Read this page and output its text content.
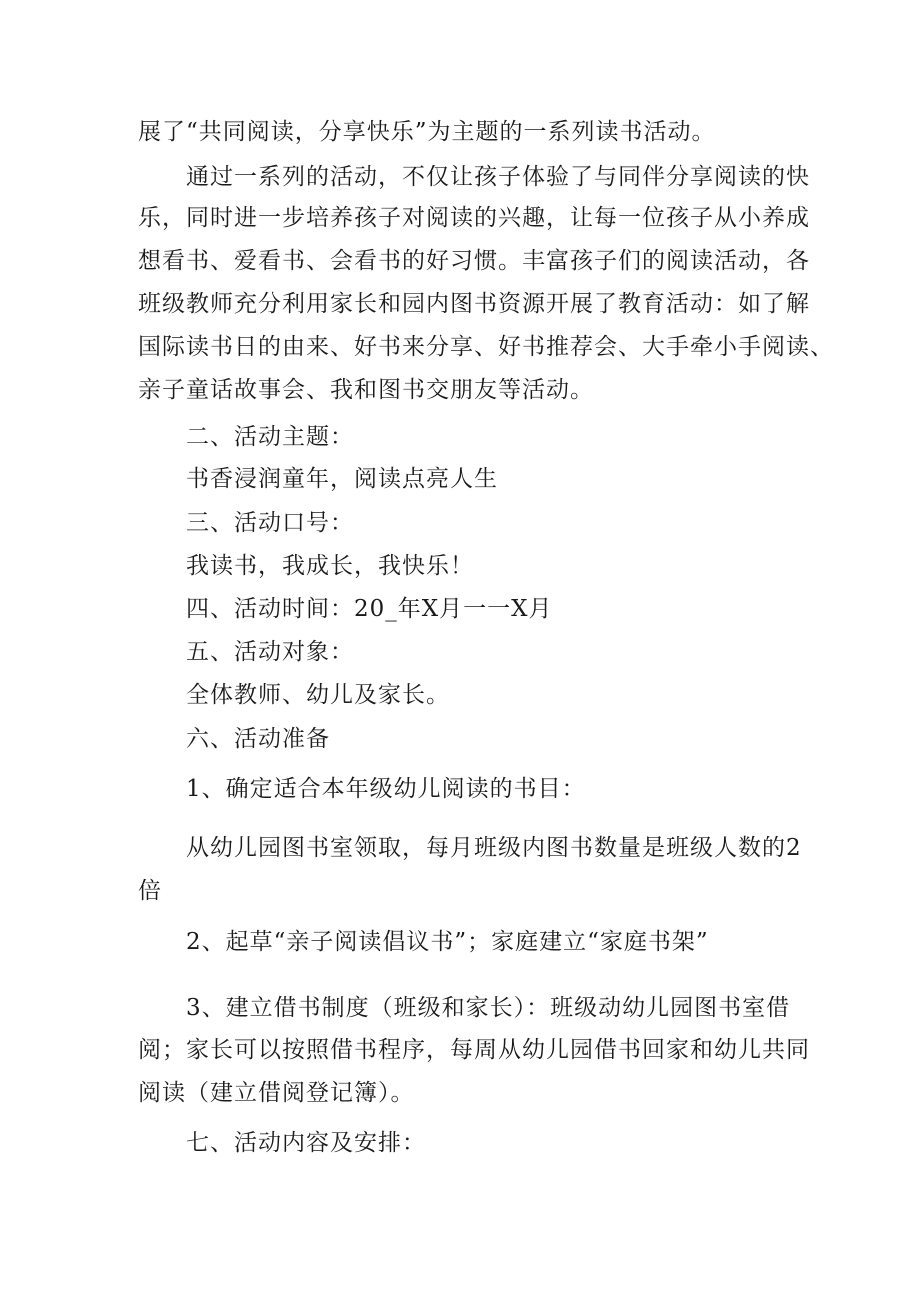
展了“共同阅读，分享快乐”为主题的一系列读书活动。
通过一系列的活动，不仅让孩子体验了与同伴分享阅读的快
乐，同时进一步培养孩子对阅读的兴趣，让每一位孩子从小养成
想看书、爱看书、会看书的好习惯。丰富孩子们的阅读活动，各
班级教师充分利用家长和园内图书资源开展了教育活动：如了解
国际读书日的由来、好书来分享、好书推荐会、大手牵小手阅读、
亲子童话故事会、我和图书交朋友等活动。
二、活动主题：
书香浸润童年，阅读点亮人生
三、活动口号：
我读书，我成长，我快乐！
四、活动时间：20_年X月一一X月
五、活动对象：
全体教师、幼儿及家长。
六、活动准备
1、确定适合本年级幼儿阅读的书目：
从幼儿园图书室领取，每月班级内图书数量是班级人数的2
倍
2、起草“亲子阅读倡议书”；家庭建立“家庭书架”
3、建立借书制度（班级和家长）：班级动幼儿园图书室借
阅；家长可以按照借书程序，每周从幼儿园借书回家和幼儿共同
阅读（建立借阅登记簿）。
七、活动内容及安排：
